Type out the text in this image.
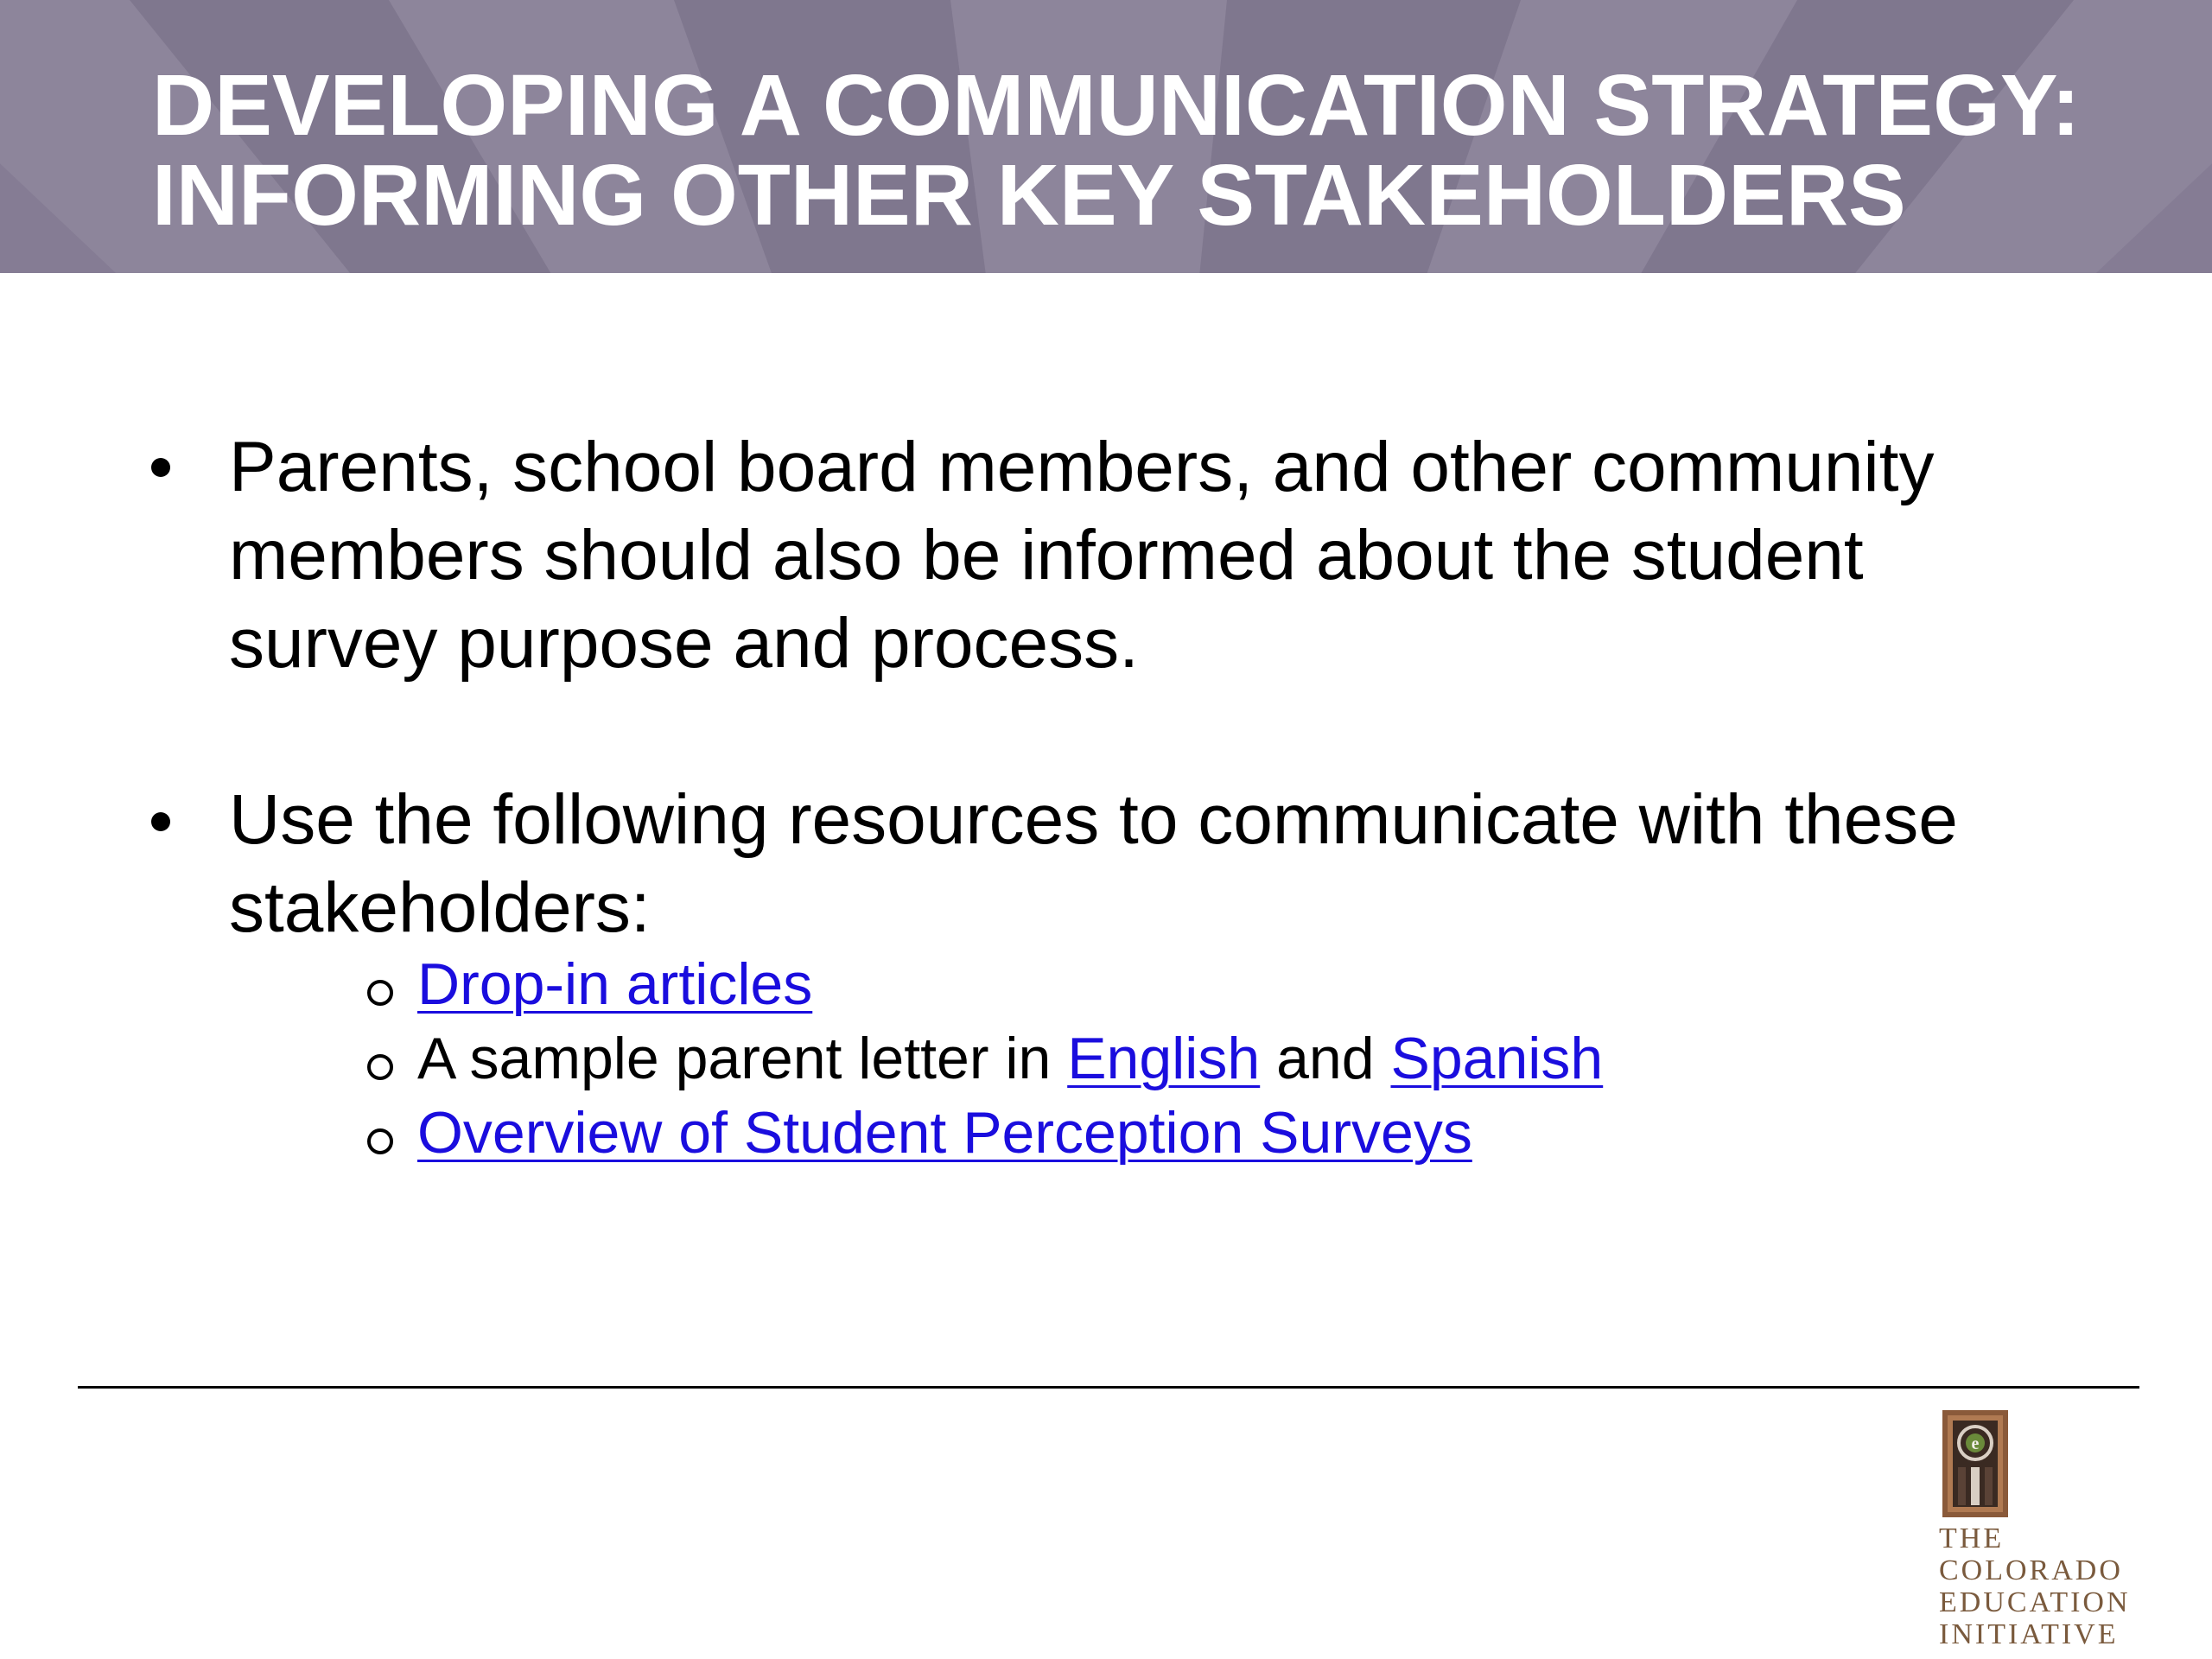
DEVELOPING A COMMUNICATION STRATEGY:
INFORMING OTHER KEY STAKEHOLDERS

Parents, school board members, and other community
members should also be informed about the student
survey purpose and process.

Use the following resources to communicate with these
stakeholders:

Drop-in articles
A sample parent letter in English and Spanish
Overview of Student Perception Surveys
e

THE
COLORADO
EDUCATION
INITIATIVE
